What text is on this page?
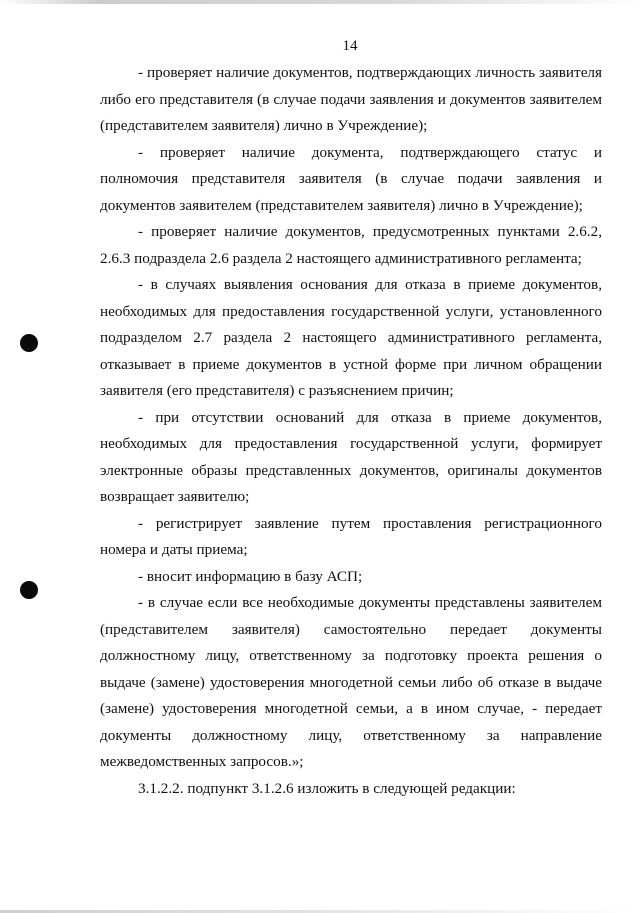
14

- проверяет наличие документов, подтверждающих личность заявителя либо его представителя (в случае подачи заявления и документов заявителем (представителем заявителя) лично в Учреждение);

- проверяет наличие документа, подтверждающего статус и полномочия представителя заявителя (в случае подачи заявления и документов заявителем (представителем заявителя) лично в Учреждение);

- проверяет наличие документов, предусмотренных пунктами 2.6.2, 2.6.3 подраздела 2.6 раздела 2 настоящего административного регламента;

- в случаях выявления основания для отказа в приеме документов, необходимых для предоставления государственной услуги, установленного подразделом 2.7 раздела 2 настоящего административного регламента, отказывает в приеме документов в устной форме при личном обращении заявителя (его представителя) с разъяснением причин;

- при отсутствии оснований для отказа в приеме документов, необходимых для предоставления государственной услуги, формирует электронные образы представленных документов, оригиналы документов возвращает заявителю;

- регистрирует заявление путем проставления регистрационного номера и даты приема;

- вносит информацию в базу АСП;

- в случае если все необходимые документы представлены заявителем (представителем заявителя) самостоятельно передает документы должностному лицу, ответственному за подготовку проекта решения о выдаче (замене) удостоверения многодетной семьи либо об отказе в выдаче (замене) удостоверения многодетной семьи, а в ином случае, - передает документы должностному лицу, ответственному за направление межведомственных запросов.»;

3.1.2.2. подпункт 3.1.2.6 изложить в следующей редакции:
